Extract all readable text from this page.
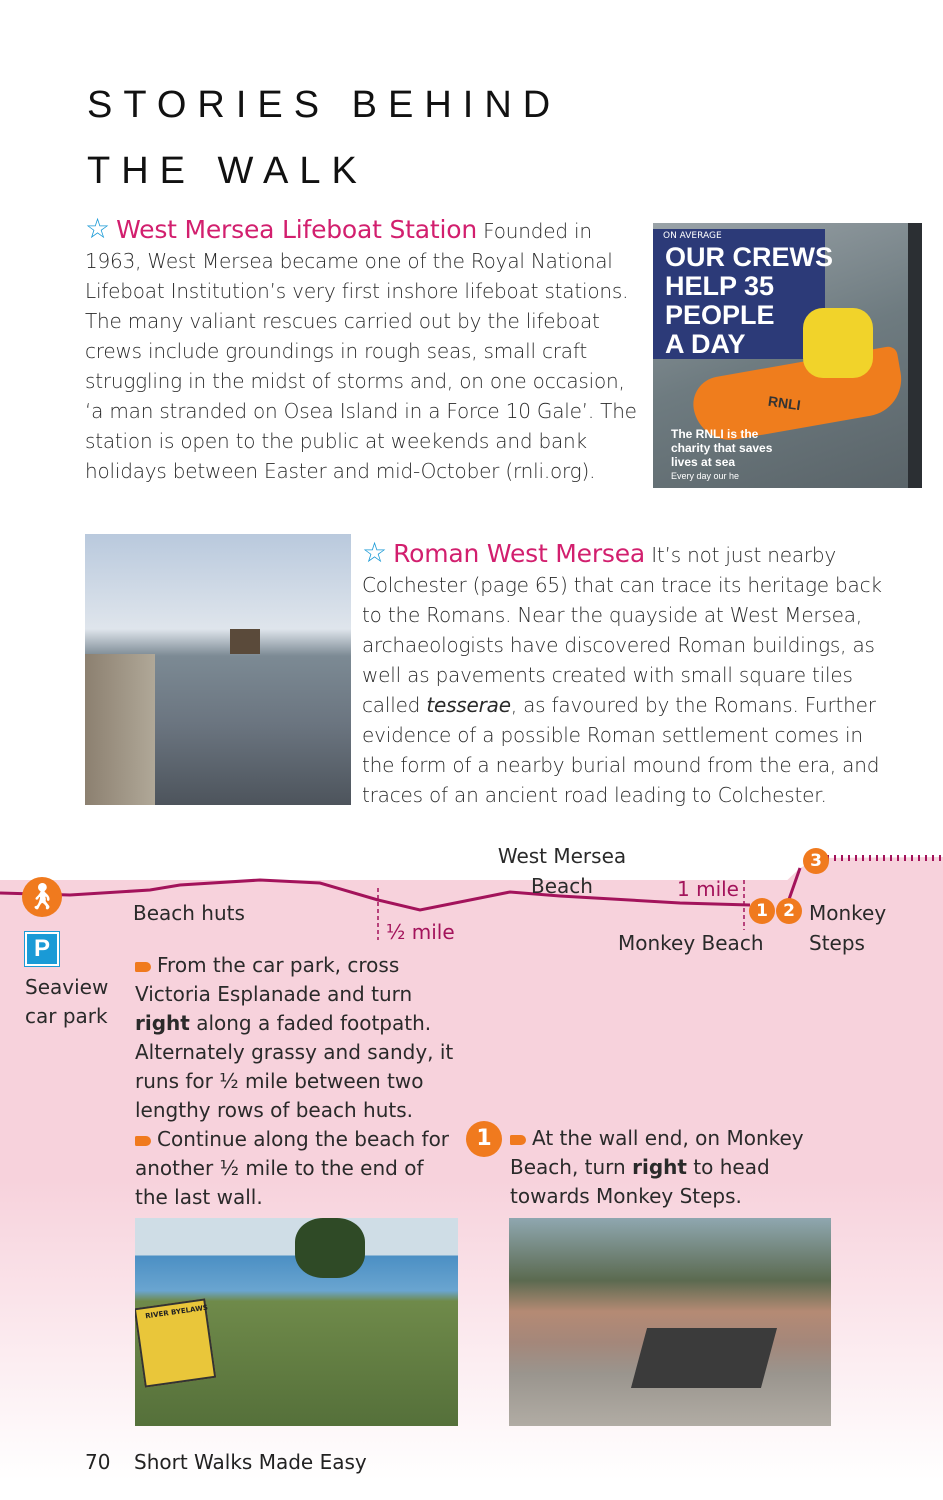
STORIES BEHIND
THE WALK
☆ West Mersea Lifeboat Station Founded in 1963, West Mersea became one of the Royal National Lifeboat Institution’s very first inshore lifeboat stations. The many valiant rescues carried out by the lifeboat crews include groundings in rough seas, small craft struggling in the midst of storms and, on one occasion, ‘a man stranded on Osea Island in a Force 10 Gale’. The station is open to the public at weekends and bank holidays between Easter and mid-October (rnli.org).
ON AVERAGE
OUR CREWS
HELP 35
PEOPLE
A DAY
RNLI
The RNLI is the
charity that saves
lives at sea
Every day our he
☆ Roman West Mersea It’s not just nearby Colchester (page 65) that can trace its heritage back to the Romans. Near the quayside at West Mersea, archaeologists have discovered Roman buildings, as well as pavements created with small square tiles called tesserae, as favoured by the Romans. Further evidence of a possible Roman settlement comes in the form of a nearby burial mound from the era, and traces of an ancient road leading to Colchester.
🚶︎
P
Seaview
car park
Beach huts
½ mile
West Mersea
Beach	1 mile
Monkey Beach
Monkey
Steps
1 2
3
From the car park, cross Victoria Esplanade and turn right along a faded footpath. Alternately grassy and sandy, it runs for ½ mile between two lengthy rows of beach huts.
Continue along the beach for another ½ mile to the end of the last wall.
1	At the wall end, on Monkey Beach, turn right to head towards Monkey Steps.
RIVER BYELAWS
70 Short Walks Made Easy
